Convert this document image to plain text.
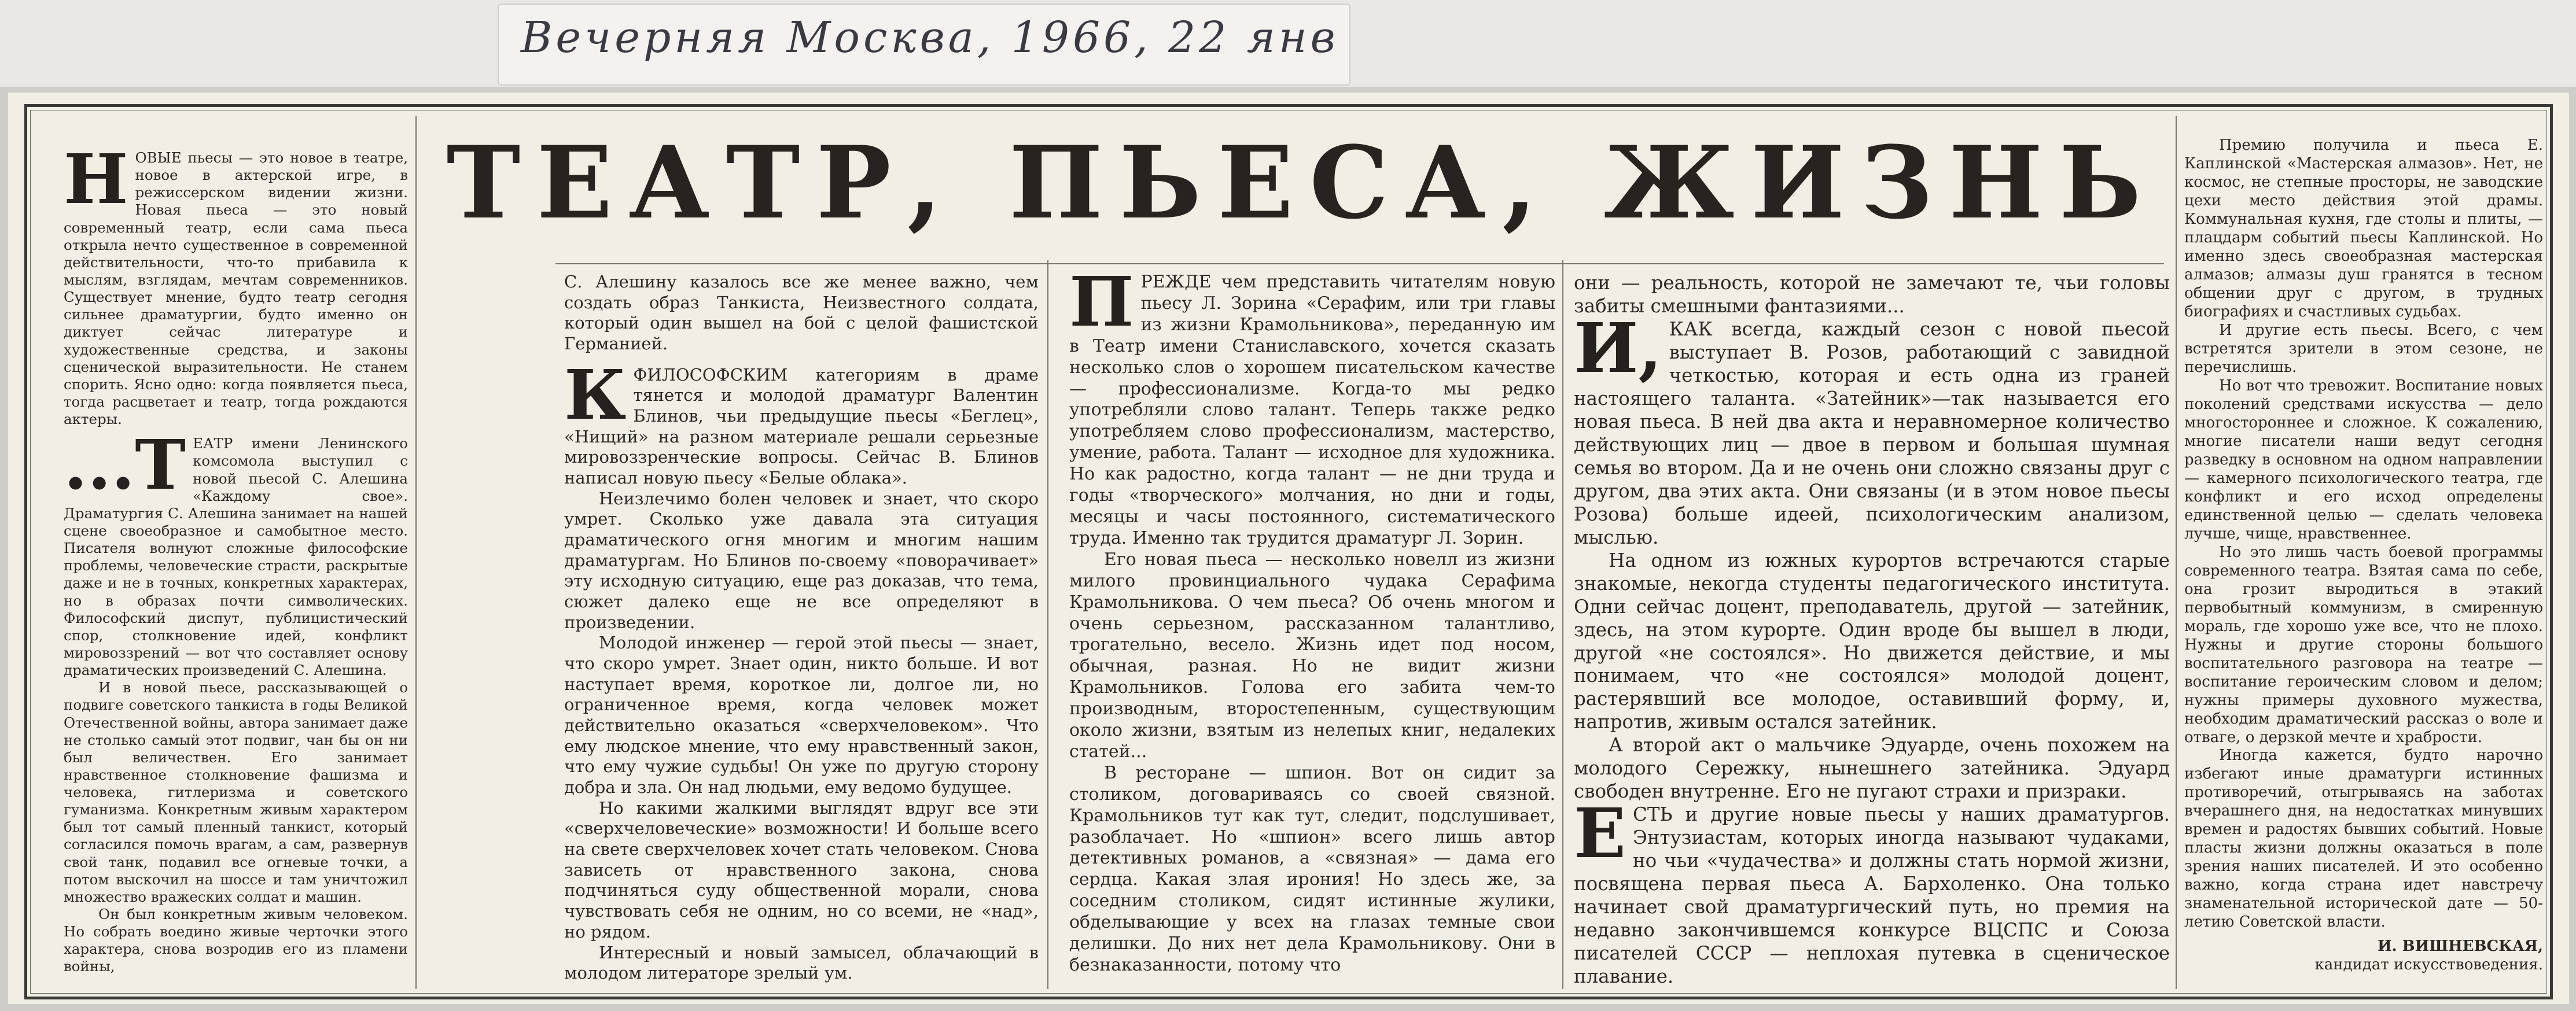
Вечерняя Москва, 1966, 22 янв
ТЕАТР, ПЬЕСА, ЖИЗНЬ

НОВЫЕ пьесы — это новое в театре, новое в актерской игре, в режиссерском видении жизни. Новая пьеса — это новый современный театр, если сама пьеса открыла нечто существенное в современной действительности, что-то прибавила к мыслям, взглядам, мечтам современников. Существует мнение, будто театр сегодня сильнее драматургии, будто именно он диктует сейчас литературе и художественные средства, и законы сценической выразительности. Не станем спорить. Ясно одно: когда появляется пьеса, тогда расцветает и театр, тогда рождаются актеры.

...Т ЕАТР имени Ленинского комсомола выступил с новой пьесой С. Алешина «Каждому свое». Драматургия С. Алешина занимает на нашей сцене своеобразное и самобытное место. Писателя волнуют сложные философские проблемы, человеческие страсти, раскрытые даже и не в точных, конкретных характерах, но в образах почти символических. Философский диспут, публицистический спор, столкновение идей, конфликт мировоззрений — вот что составляет основу драматических произведений С. Алешина.

И в новой пьесе, рассказывающей о подвиге советского танкиста в годы Великой Отечественной войны, автора занимает даже не столько самый этот подвиг, чан бы он ни был величествен. Его занимает нравственное столкновение фашизма и человека, гитлеризма и советского гуманизма. Конкретным живым характером был тот самый пленный танкист, который согласился помочь врагам, а сам, развернув свой танк, подавил все огневые точки, а потом выскочил на шоссе и там уничтожил множество вражеских солдат и машин.

Он был конкретным живым человеком. Но собрать воедино живые черточки этого характера, снова возродив его из пламени войны,

С. Алешину казалось все же менее важно, чем создать образ Танкиста, Неизвестного солдата, который один вышел на бой с целой фашистской Германией.

КФИЛОСОФСКИМ категориям в драме тянется и молодой драматург Валентин Блинов, чьи предыдущие пьесы «Беглец», «Нищий» на разном материале решали серьезные мировоззренческие вопросы. Сейчас В. Блинов написал новую пьесу «Белые облака».

Неизлечимо болен человек и знает, что скоро умрет. Сколько уже давала эта ситуация драматического огня многим и многим нашим драматургам. Но Блинов по-своему «поворачивает» эту исходную ситуацию, еще раз доказав, что тема, сюжет далеко еще не все определяют в произведении.

Молодой инженер — герой этой пьесы — знает, что скоро умрет. Знает один, никто больше. И вот наступает время, короткое ли, долгое ли, но ограниченное время, когда человек может действительно оказаться «сверхчеловеком». Что ему людское мнение, что ему нравственный закон, что ему чужие судьбы! Он уже по другую сторону добра и зла. Он над людьми, ему ведомо будущее.

Но какими жалкими выглядят вдруг все эти «сверхчеловеческие» возможности! И больше всего на свете сверхчеловек хочет стать человеком. Снова зависеть от нравственного закона, снова подчиняться суду общественной морали, снова чувствовать себя не одним, но со всеми, не «над», но рядом.

Интересный и новый замысел, облачающий в молодом литераторе зрелый ум.

ПРЕЖДЕ чем представить читателям новую пьесу Л. Зорина «Серафим, или три главы из жизни Крамольникова», переданную им в Театр имени Станиславского, хочется сказать несколько слов о хорошем писательском качестве — профессионализме. Когда-то мы редко употребляли слово талант. Теперь также редко употребляем слово профессионализм, мастерство, умение, работа. Талант — исходное для художника. Но как радостно, когда талант — не дни труда и годы «творческого» молчания, но дни и годы, месяцы и часы постоянного, систематического труда. Именно так трудится драматург Л. Зорин.

Его новая пьеса — несколько новелл из жизни милого провинциального чудака Серафима Крамольникова. О чем пьеса? Об очень многом и очень серьезном, рассказанном талантливо, трогательно, весело. Жизнь идет под носом, обычная, разная. Но не видит жизни Крамольников. Голова его забита чем-то производным, второстепенным, существующим около жизни, взятым из нелепых книг, недалеких статей...

В ресторане — шпион. Вот он сидит за столиком, договариваясь со своей связной. Крамольников тут как тут, следит, подслушивает, разоблачает. Но «шпион» всего лишь автор детективных романов, а «связная» — дама его сердца. Какая злая ирония! Но здесь же, за соседним столиком, сидят истинные жулики, обделывающие у всех на глазах темные свои делишки. До них нет дела Крамольникову. Они в безнаказанности, потому что

они — реальность, которой не замечают те, чьи головы забиты смешными фантазиями...

И, КАК всегда, каждый сезон с новой пьесой выступает В. Розов, работающий с завидной четкостью, которая и есть одна из граней настоящего таланта. «Затейник»—так называется его новая пьеса. В ней два акта и неравномерное количество действующих лиц — двое в первом и большая шумная семья во втором. Да и не очень они сложно связаны друг с другом, два этих акта. Они связаны (и в этом новое пьесы Розова) больше идеей, психологическим анализом, мыслью.

На одном из южных курортов встречаются старые знакомые, некогда студенты педагогического института. Одни сейчас доцент, преподаватель, другой — затейник, здесь, на этом курорте. Один вроде бы вышел в люди, другой «не состоялся». Но движется действие, и мы понимаем, что «не состоялся» молодой доцент, растерявший все молодое, оставивший форму, и, напротив, живым остался затейник.

А второй акт о мальчике Эдуарде, очень похожем на молодого Сережку, нынешнего затейника. Эдуард свободен внутренне. Его не пугают страхи и призраки.

ЕСТЬ и другие новые пьесы у наших драматургов. Энтузиастам, которых иногда называют чудаками, но чьи «чудачества» и должны стать нормой жизни, посвящена первая пьеса А. Бархоленко. Она только начинает свой драматургический путь, но премия на недавно закончившемся конкурсе ВЦСПС и Союза писателей СССР — неплохая путевка в сценическое плавание.

Премию получила и пьеса Е. Каплинской «Мастерская алмазов». Нет, не космос, не степные просторы, не заводские цехи место действия этой драмы. Коммунальная кухня, где столы и плиты, — плацдарм событий пьесы Каплинской. Но именно здесь своеобразная мастерская алмазов; алмазы душ гранятся в тесном общении друг с другом, в трудных биографиях и счастливых судьбах.

И другие есть пьесы. Всего, с чем встретятся зрители в этом сезоне, не перечислишь.

Но вот что тревожит. Воспитание новых поколений средствами искусства — дело многостороннее и сложное. К сожалению, многие писатели наши ведут сегодня разведку в основном на одном направлении — камерного психологического театра, где конфликт и его исход определены единственной целью — сделать человека лучше, чище, нравственнее.

Но это лишь часть боевой программы современного театра. Взятая сама по себе, она грозит выродиться в этакий первобытный коммунизм, в смиренную мораль, где хорошо уже все, что не плохо. Нужны и другие стороны большого воспитательного разговора на театре — воспитание героическим словом и делом; нужны примеры духовного мужества, необходим драматический рассказ о воле и отваге, о дерзкой мечте и храбрости.

Иногда кажется, будто нарочно избегают иные драматурги истинных противоречий, отыгрываясь на заботах вчерашнего дня, на недостатках минувших времен и радостях бывших событий. Новые пласты жизни должны оказаться в поле зрения наших писателей. И это особенно важно, когда страна идет навстречу знаменательной исторической дате — 50-летию Советской власти.

И. ВИШНЕВСКАЯ,

кандидат искусствоведения.
